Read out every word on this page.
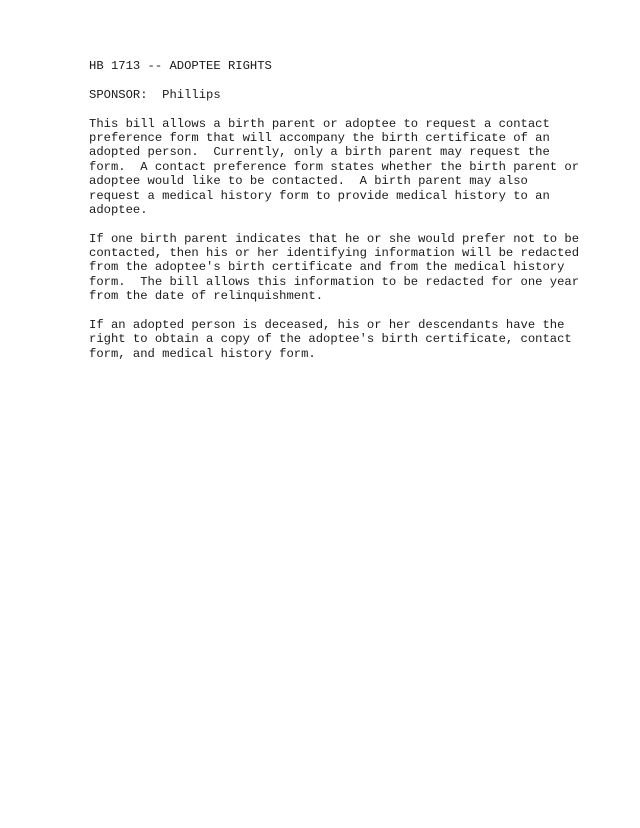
HB 1713 -- ADOPTEE RIGHTS
SPONSOR:  Phillips
This bill allows a birth parent or adoptee to request a contact
preference form that will accompany the birth certificate of an
adopted person.  Currently, only a birth parent may request the
form.  A contact preference form states whether the birth parent or
adoptee would like to be contacted.  A birth parent may also
request a medical history form to provide medical history to an
adoptee.
If one birth parent indicates that he or she would prefer not to be
contacted, then his or her identifying information will be redacted
from the adoptee's birth certificate and from the medical history
form.  The bill allows this information to be redacted for one year
from the date of relinquishment.
If an adopted person is deceased, his or her descendants have the
right to obtain a copy of the adoptee's birth certificate, contact
form, and medical history form.
